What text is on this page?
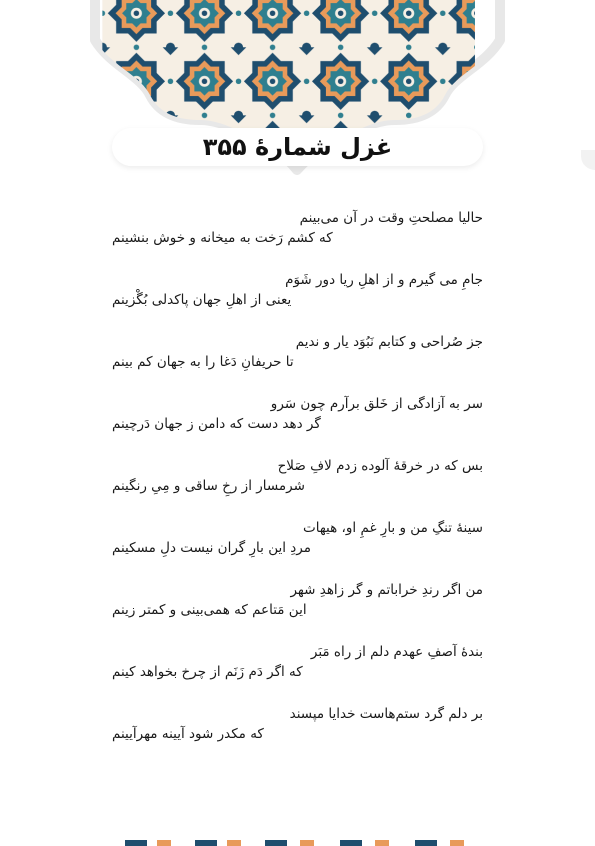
غزل شمارهٔ ۳۵۵
حالیا مصلحتِ وقت در آن می‌بینم
که کشم رَخت به میخانه و خوش بنشینم
جامِ می گیرم و از اهلِ ریا دور شَوَم
یعنی از اهلِ جهان پاکدلی بُگْزینم
جز صُراحی و کتابم نَبُوَد یار و ندیم
تا حریفانِ دَغا را به جهان کم بینم
سر به آزادگی از خَلق برآرم چون سَرو
گر دهد دست که دامن ز جهان دَرچینم
بس که در خرقهٔ آلوده زدم لافِ صَلاح
شرمسار از رخِ ساقی و مِیِ رنگینم
سینهٔ تنگِ من و بارِ غمِ او، هیهات
مردِ این بارِ گران نیست دلِ مسکینم
من اگر رندِ خراباتم و گر زاهدِ شهر
این مَتاعم که همی‌بینی و کمتر زینم
بندهٔ آصفِ عهدم دلم از راه مَبَر
که اگر دَم زَنَم از چرخ بخواهد کینم
بر دلم گرد ستم‌هاست خدایا مپسند
که مکدر شود آیینه مهرآیینم
